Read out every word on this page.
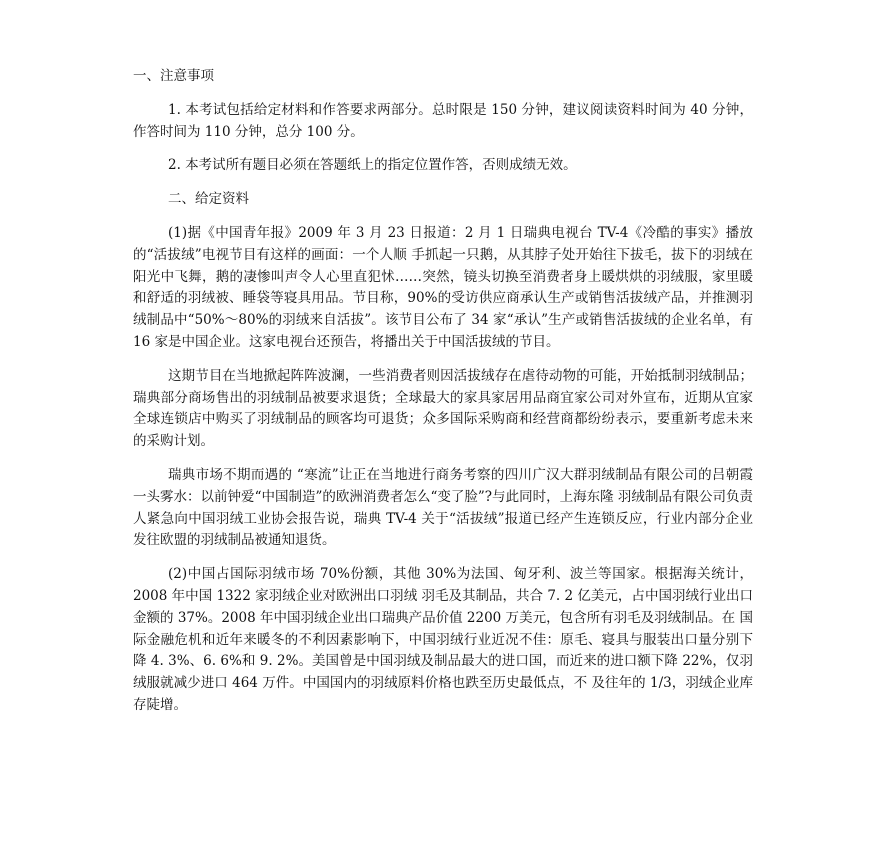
一、注意事项

1. 本考试包括给定材料和作答要求两部分。总时限是 150 分钟，建议阅读资料时间为 40 分钟，作答时间为 110 分钟，总分 100 分。

2. 本考试所有题目必须在答题纸上的指定位置作答，否则成绩无效。

二、给定资料

(1)据《中国青年报》2009 年 3 月 23 日报道：2 月 1 日瑞典电视台 TV-4《冷酷的事实》播放的“活拔绒”电视节目有这样的画面：一个人顺 手抓起一只鹅，从其脖子处开始往下拔毛，拔下的羽绒在阳光中飞舞，鹅的凄惨叫声令人心里直犯怵……突然，镜头切换至消费者身上暖烘烘的羽绒服，家里暖和舒适的羽绒被、睡袋等寝具用品。节目称，90%的受访供应商承认生产或销售活拔绒产品，并推测羽绒制品中“50%～80%的羽绒来自活拔”。该节目公布了 34 家“承认”生产或销售活拔绒的企业名单，有 16 家是中国企业。这家电视台还预告，将播出关于中国活拔绒的节目。

这期节目在当地掀起阵阵波澜，一些消费者则因活拔绒存在虐待动物的可能，开始抵制羽绒制品；瑞典部分商场售出的羽绒制品被要求退货；全球最大的家具家居用品商宜家公司对外宣布，近期从宜家全球连锁店中购买了羽绒制品的顾客均可退货；众多国际采购商和经营商都纷纷表示，要重新考虑未来的采购计划。

瑞典市场不期而遇的 “寒流”让正在当地进行商务考察的四川广汉大群羽绒制品有限公司的吕朝霞一头雾水：以前钟爱“中国制造”的欧洲消费者怎么“变了脸”?与此同时，上海东隆 羽绒制品有限公司负责人紧急向中国羽绒工业协会报告说，瑞典 TV-4 关于“活拔绒”报道已经产生连锁反应，行业内部分企业发往欧盟的羽绒制品被通知退货。

(2)中国占国际羽绒市场 70%份额，其他 30%为法国、匈牙利、波兰等国家。根据海关统计，2008 年中国 1322 家羽绒企业对欧洲出口羽绒 羽毛及其制品，共合 7. 2 亿美元，占中国羽绒行业出口金额的 37%。2008 年中国羽绒企业出口瑞典产品价值 2200 万美元，包含所有羽毛及羽绒制品。在 国际金融危机和近年来暖冬的不利因素影响下，中国羽绒行业近况不佳：原毛、寝具与服装出口量分别下降 4. 3%、6. 6%和 9. 2%。美国曾是中国羽绒及制品最大的进口国，而近来的进口额下降 22%，仅羽绒服就减少进口 464 万件。中国国内的羽绒原料价格也跌至历史最低点，不 及往年的 1/3，羽绒企业库存陡增。
